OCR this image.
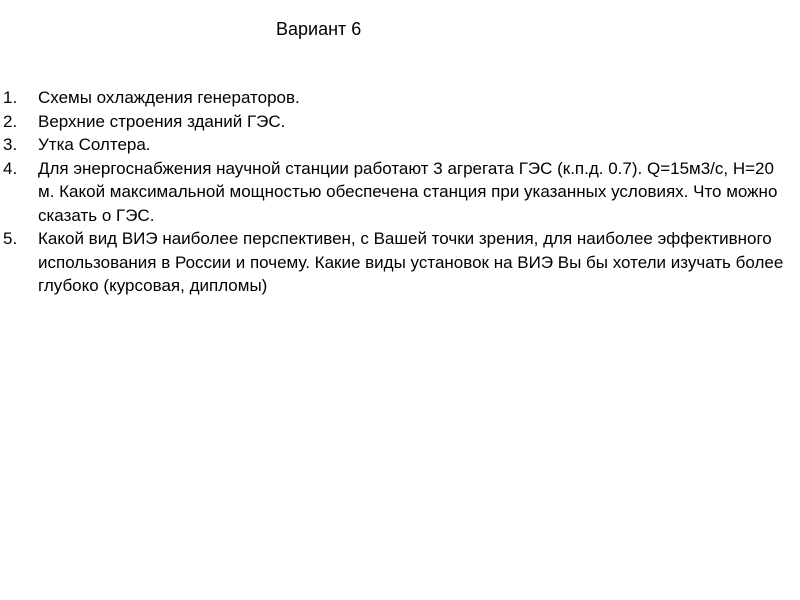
Вариант 6
1.	Схемы охлаждения генераторов.
2.	Верхние строения зданий ГЭС.
3.	Утка Солтера.
4.	Для энергоснабжения научной станции работают 3 агрегата ГЭС (к.п.д. 0.7). Q=15м3/с, H=20 м. Какой максимальной мощностью обеспечена станция при указанных условиях. Что можно сказать о ГЭС.
5.	Какой вид ВИЭ наиболее перспективен, с Вашей точки зрения, для наиболее эффективного использования в России и почему. Какие виды установок на ВИЭ Вы бы хотели изучать более глубоко (курсовая, дипломы)
